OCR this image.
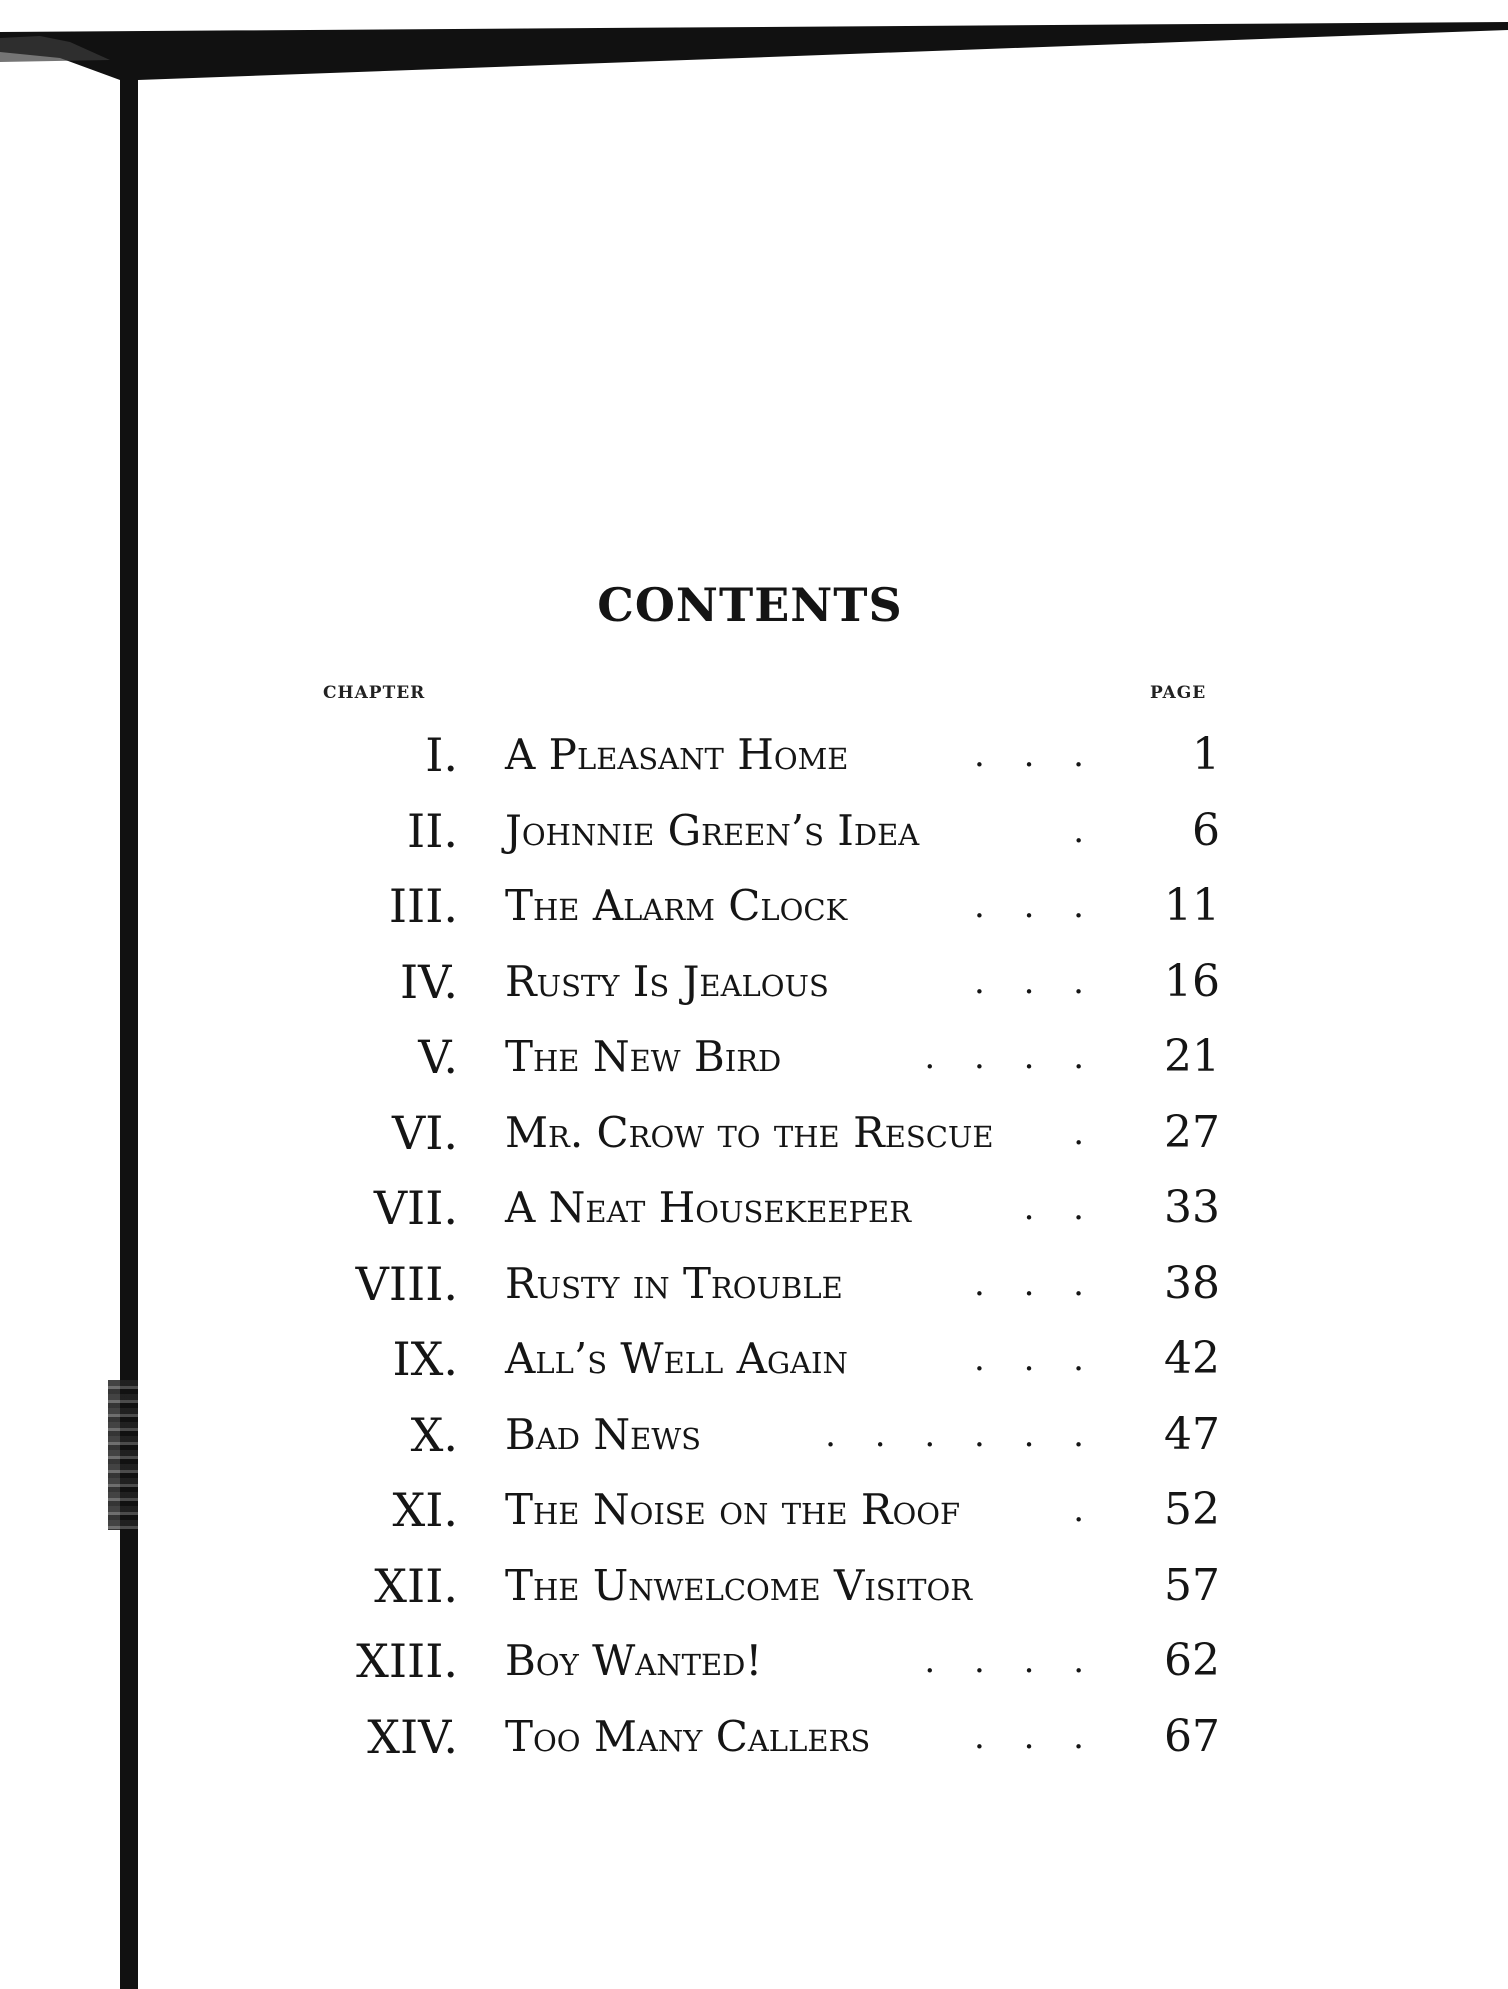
CONTENTS
CHAPTER	PAGE
I. A Pleasant Home	. . . 1
II. Johnnie Green’s Idea	. 6
III. The Alarm Clock	. . . 11
IV. Rusty Is Jealous	. . . 16
V. The New Bird	. . . . 21
VI. Mr. Crow to the Rescue . 27
VII. A Neat Housekeeper	. . 33
VIII. Rusty in Trouble	. . . 38
IX. All’s Well Again	. . . 42
X. Bad News	. . . . . . 47
XI. The Noise on the Roof	. 52
XII. The Unwelcome Visitor	57
XIII. Boy Wanted!	. . . . 62
XIV. Too Many Callers	. . . 67
